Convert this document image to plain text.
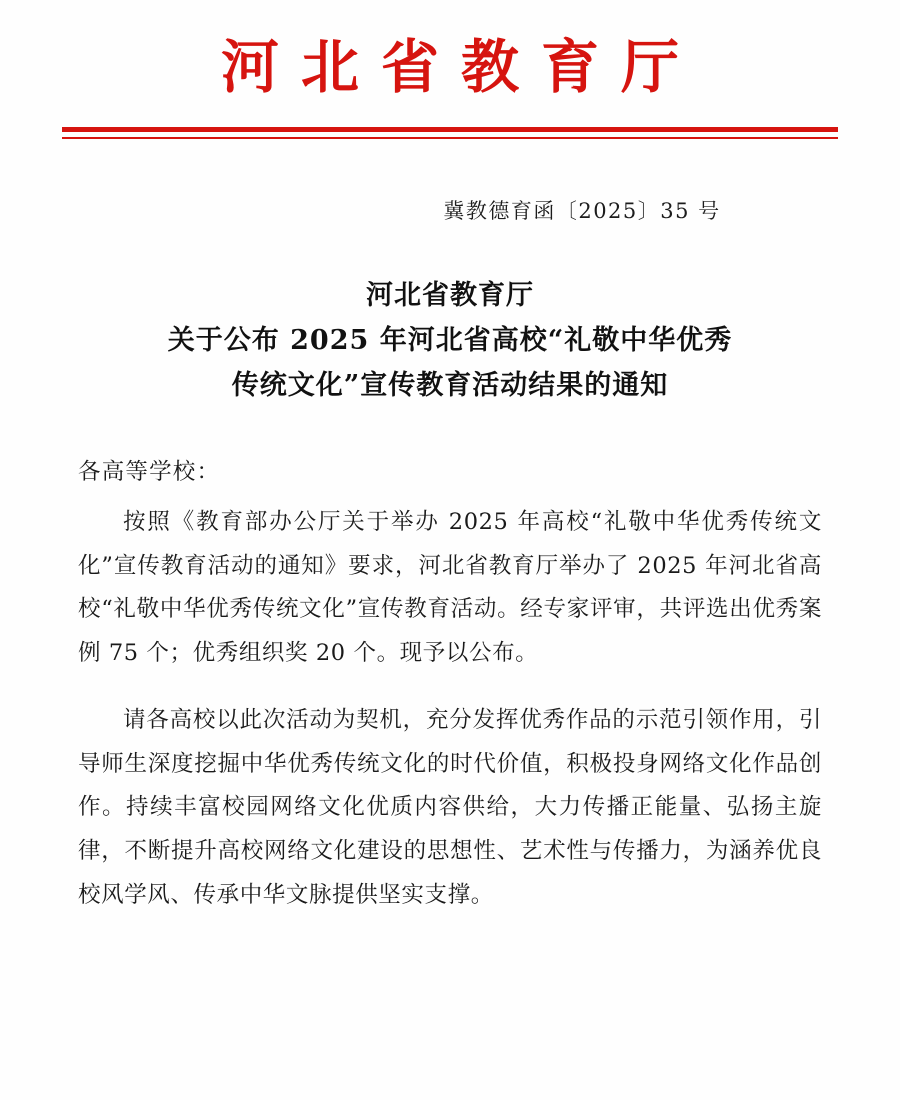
河北省教育厅
冀教德育函〔2025〕35 号
河北省教育厅
关于公布 2025 年河北省高校“礼敬中华优秀
传统文化”宣传教育活动结果的通知
各高等学校：

按照《教育部办公厅关于举办 2025 年高校“礼敬中华优秀传统文化”宣传教育活动的通知》要求，河北省教育厅举办了 2025 年河北省高校“礼敬中华优秀传统文化”宣传教育活动。经专家评审，共评选出优秀案例 75 个；优秀组织奖 20 个。现予以公布。

请各高校以此次活动为契机，充分发挥优秀作品的示范引领作用，引导师生深度挖掘中华优秀传统文化的时代价值，积极投身网络文化作品创作。持续丰富校园网络文化优质内容供给，大力传播正能量、弘扬主旋律，不断提升高校网络文化建设的思想性、艺术性与传播力，为涵养优良校风学风、传承中华文脉提供坚实支撑。
